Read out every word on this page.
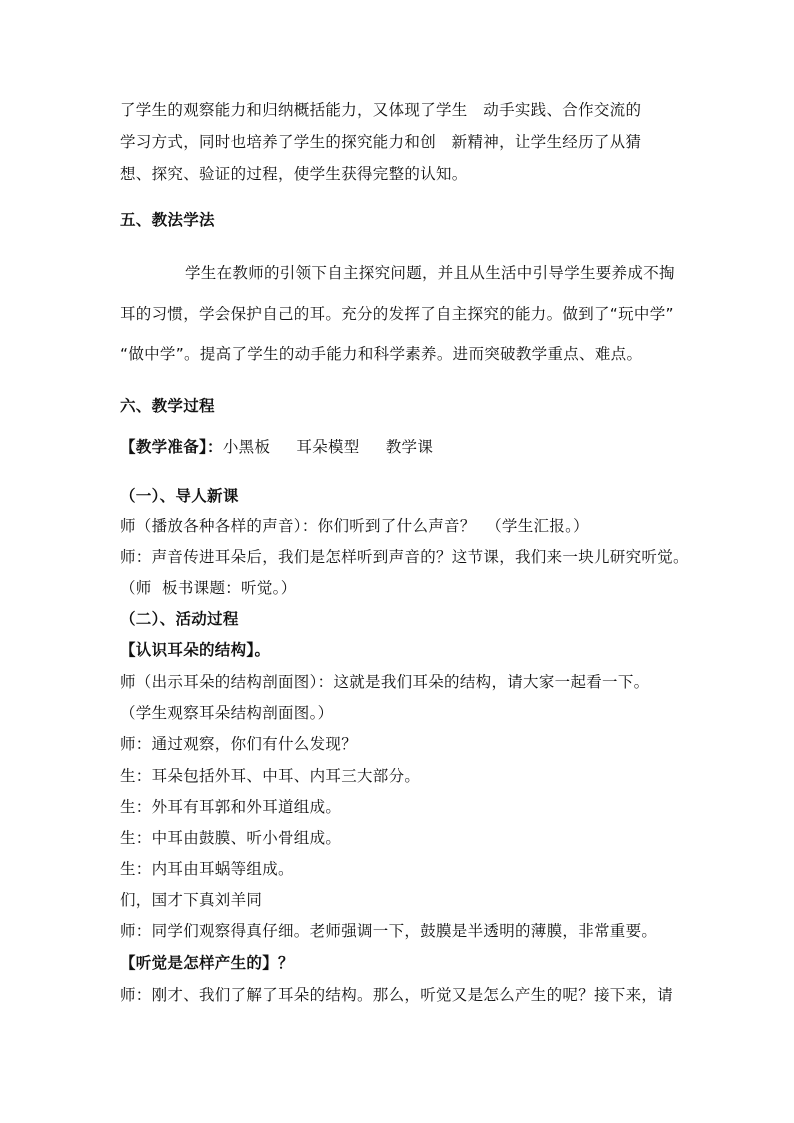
了学生的观察能力和归纳概括能力，又体现了学生   动手实践、合作交流的
学习方式，同时也培养了学生的探究能力和创   新精神，让学生经历了从猜
想、探究、验证的过程，使学生获得完整的认知。
五、教法学法
学生在教师的引领下自主探究问题，并且从生活中引导学生要养成不掏
耳的习惯，学会保护自己的耳。充分的发挥了自主探究的能力。做到了“玩中学”
“做中学”。提高了学生的动手能力和科学素养。进而突破教学重点、难点。
六、教学过程
【教学准备】：小黑板     耳朵模型     教学课
（一）、导人新课
师（播放各种各样的声音）：你们听到了什么声音？  （学生汇报。）
师：声音传进耳朵后，我们是怎样听到声音的？这节课，我们来一块儿研究听觉。
（师  板书课题：听觉。）
（二）、活动过程
【认识耳朵的结构】。
师（出示耳朵的结构剖面图）：这就是我们耳朵的结构，请大家一起看一下。
（学生观察耳朵结构剖面图。）
师：通过观察，你们有什么发现？
生：耳朵包括外耳、中耳、内耳三大部分。
生：外耳有耳郭和外耳道组成。
生：中耳由鼓膜、听小骨组成。
生：内耳由耳蜗等组成。
们，国才下真刘羊同
师：同学们观察得真仔细。老师强调一下，鼓膜是半透明的薄膜，非常重要。
【听觉是怎样产生的】？
师：刚才、我们了解了耳朵的结构。那么，听觉又是怎么产生的呢？接下来，请
